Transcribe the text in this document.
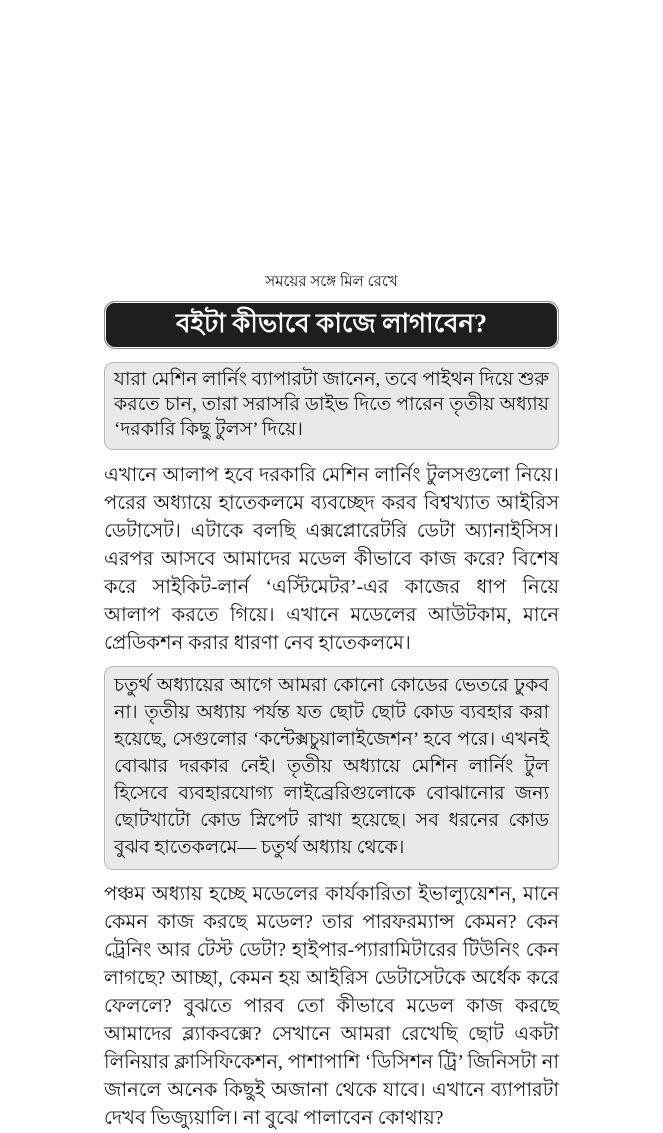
সময়ের সঙ্গে মিল রেখে
বইটা কীভাবে কাজে লাগাবেন?
যারা মেশিন লার্নিং ব্যাপারটা জানেন, তবে পাইথন দিয়ে শুরু করতে চান, তারা সরাসরি ডাইভ দিতে পারেন তৃতীয় অধ্যায় ‘দরকারি কিছু টুলস’ দিয়ে।

এখানে আলাপ হবে দরকারি মেশিন লার্নিং টুলসগুলো নিয়ে। পরের অধ্যায়ে হাতেকলমে ব্যবচ্ছেদ করব বিশ্বখ্যাত আইরিস ডেটাসেট। এটাকে বলছি এক্সপ্লোরেটরি ডেটা অ্যানাইসিস। এরপর আসবে আমাদের মডেল কীভাবে কাজ করে? বিশেষ করে সাইকিট-লার্ন ‘এস্টিমেটর’-এর কাজের ধাপ নিয়ে আলাপ করতে গিয়ে। এখানে মডেলের আউটকাম, মানে প্রেডিকশন করার ধারণা নেব হাতেকলমে।

চতুর্থ অধ্যায়ের আগে আমরা কোনো কোডের ভেতরে ঢুকব না। তৃতীয় অধ্যায় পর্যন্ত যত ছোট ছোট কোড ব্যবহার করা হয়েছে, সেগুলোর ‘কন্টেক্সচুয়ালাইজেশন’ হবে পরে। এখনই বোঝার দরকার নেই। তৃতীয় অধ্যায়ে মেশিন লার্নিং টুল হিসেবে ব্যবহারযোগ্য লাইব্রেরিগুলোকে বোঝানোর জন্য ছোটখাটো কোড স্নিপেট রাখা হয়েছে। সব ধরনের কোড বুঝব হাতেকলমে— চতুর্থ অধ্যায় থেকে।

পঞ্চম অধ্যায় হচ্ছে মডেলের কার্যকারিতা ইভাল্যুয়েশন, মানে কেমন কাজ করছে মডেল? তার পারফরম্যান্স কেমন? কেন ট্রেনিং আর টেস্ট ডেটা? হাইপার-প্যারামিটারের টিউনিং কেন লাগছে? আচ্ছা, কেমন হয় আইরিস ডেটাসেটকে অর্ধেক করে ফেললে? বুঝতে পারব তো কীভাবে মডেল কাজ করছে আমাদের ব্ল্যাকবক্সে? সেখানে আমরা রেখেছি ছোট একটা লিনিয়ার ক্লাসিফিকেশন, পাশাপাশি ‘ডিসিশন ট্রি’ জিনিসটা না জানলে অনেক কিছুই অজানা থেকে যাবে। এখানে ব্যাপারটা দেখব ভিজ্যুয়ালি। না বুঝে পালাবেন কোথায়?
